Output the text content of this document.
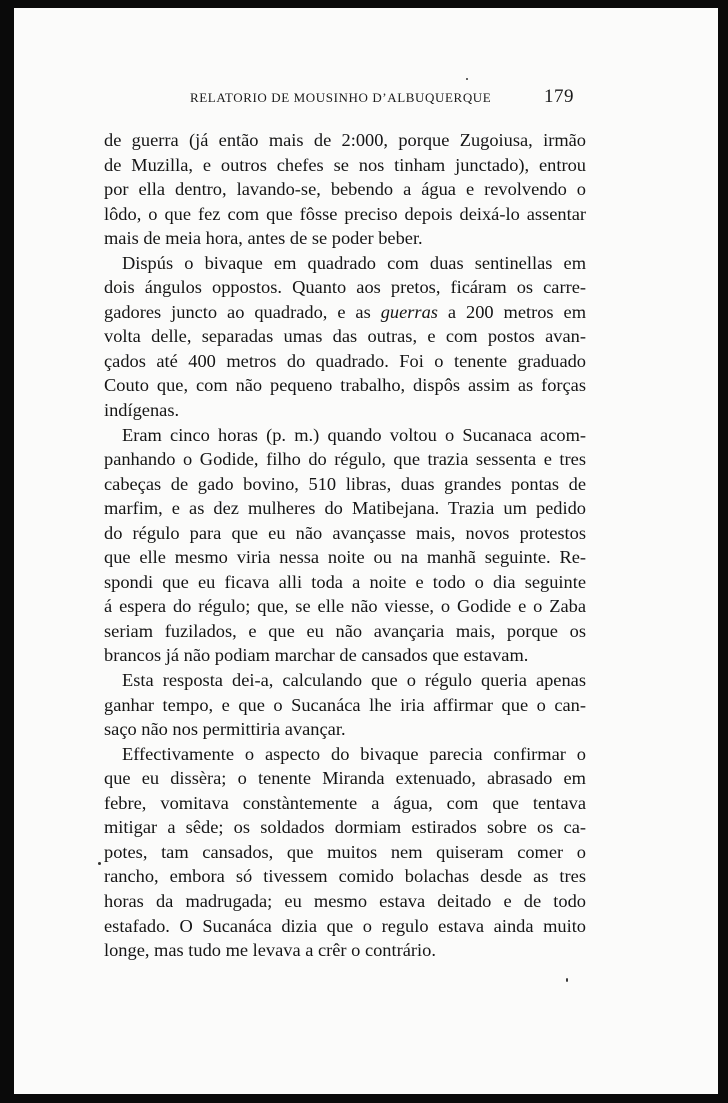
RELATORIO DE MOUSINHO D’ALBUQUERQUE	179
de guerra (já então mais de 2:000, porque Zugoiusa, irmão
de Muzilla, e outros chefes se nos tinham junctado), entrou
por ella dentro, lavando-se, bebendo a água e revolvendo o
lôdo, o que fez com que fôsse preciso depois deixá-lo assentar
mais de meia hora, antes de se poder beber.
Dispús o bivaque em quadrado com duas sentinellas em
dois ángulos oppostos. Quanto aos pretos, ficáram os carre-
gadores juncto ao quadrado, e as guerras a 200 metros em
volta delle, separadas umas das outras, e com postos avan-
çados até 400 metros do quadrado. Foi o tenente graduado
Couto que, com não pequeno trabalho, dispôs assim as forças
indígenas.
Eram cinco horas (p. m.) quando voltou o Sucanaca acom-
panhando o Godide, filho do régulo, que trazia sessenta e tres
cabeças de gado bovino, 510 libras, duas grandes pontas de
marfim, e as dez mulheres do Matibejana. Trazia um pedido
do régulo para que eu não avançasse mais, novos protestos
que elle mesmo viria nessa noite ou na manhã seguinte. Re-
spondi que eu ficava alli toda a noite e todo o dia seguinte
á espera do régulo; que, se elle não viesse, o Godide e o Zaba
seriam fuzilados, e que eu não avançaria mais, porque os
brancos já não podiam marchar de cansados que estavam.
Esta resposta dei-a, calculando que o régulo queria apenas
ganhar tempo, e que o Sucanáca lhe iria affirmar que o can-
saço não nos permittiria avançar.
Effectivamente o aspecto do bivaque parecia confirmar o
que eu dissèra; o tenente Miranda extenuado, abrasado em
febre, vomitava constàntemente a água, com que tentava
mitigar a sêde; os soldados dormiam estirados sobre os ca-
potes, tam cansados, que muitos nem quiseram comer o
rancho, embora só tivessem comido bolachas desde as tres
horas da madrugada; eu mesmo estava deitado e de todo
estafado. O Sucanáca dizia que o regulo estava ainda muito
longe, mas tudo me levava a crêr o contrário.
